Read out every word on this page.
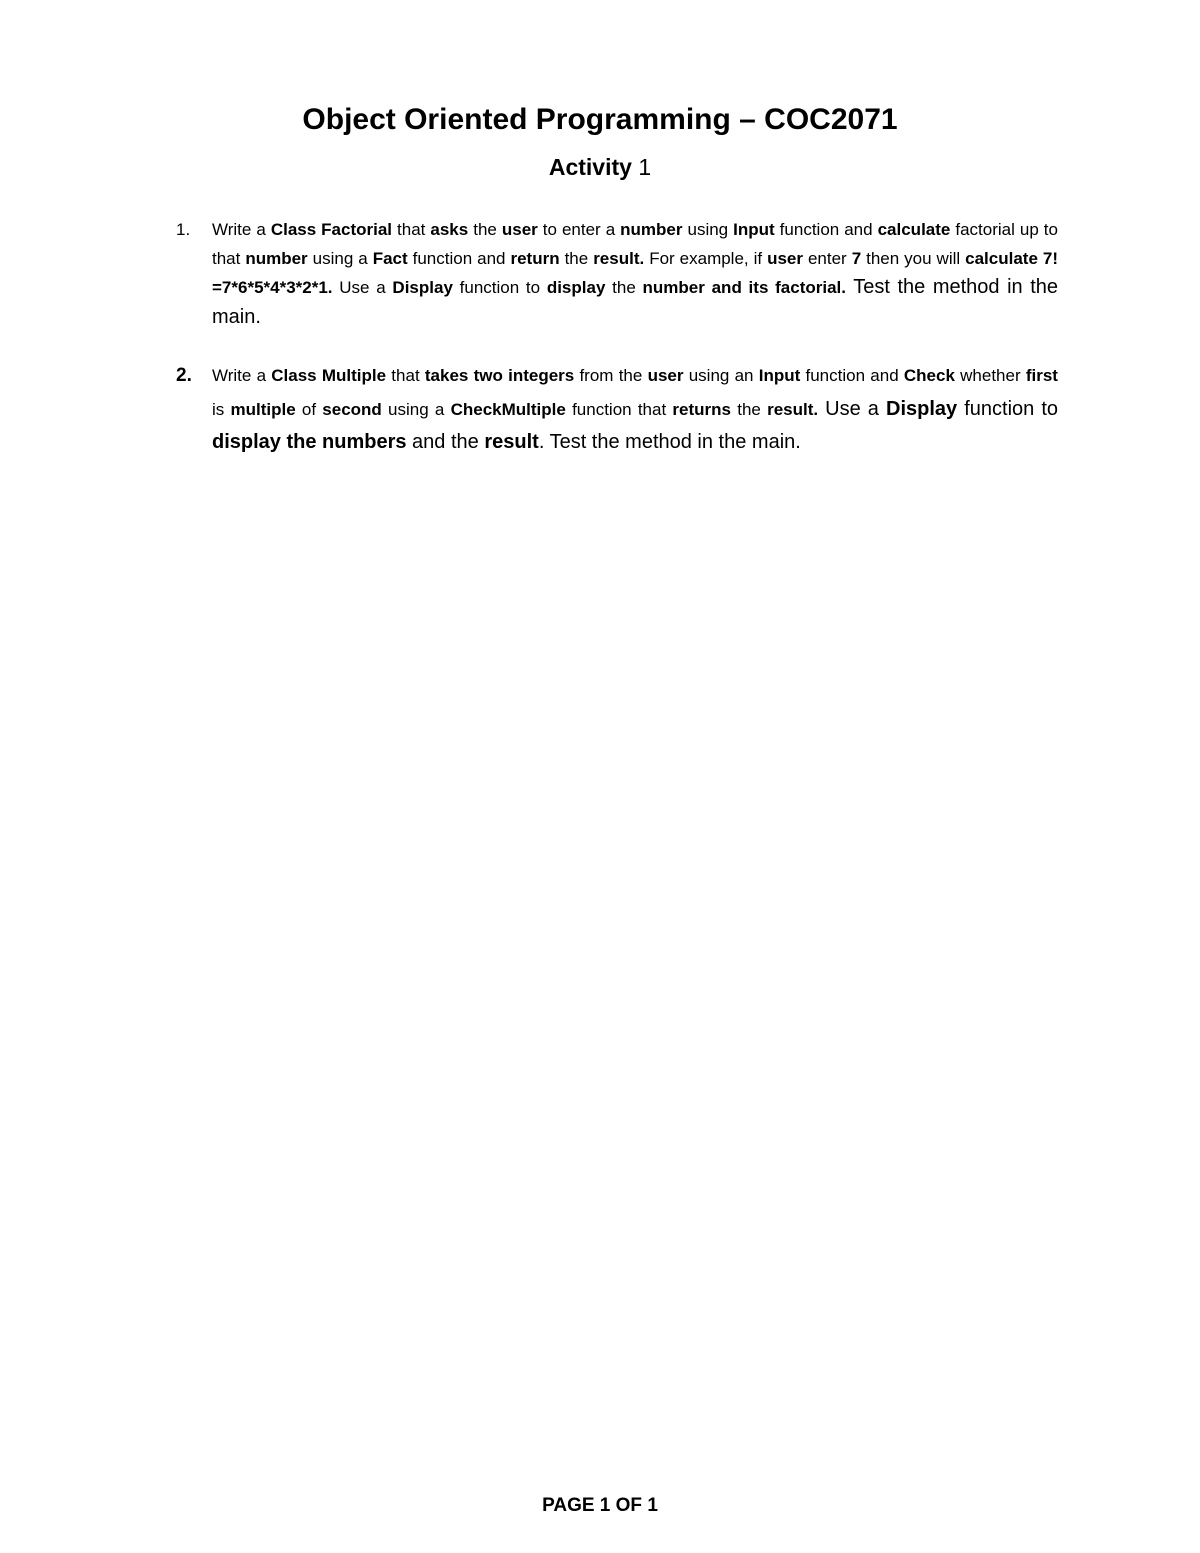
Object Oriented Programming – COC2071
Activity 1
1. Write a Class Factorial that asks the user to enter a number using Input function and calculate factorial up to that number using a Fact function and return the result. For example, if user enter 7 then you will calculate 7! =7*6*5*4*3*2*1. Use a Display function to display the number and its factorial. Test the method in the main.
2. Write a Class Multiple that takes two integers from the user using an Input function and Check whether first is multiple of second using a CheckMultiple function that returns the result. Use a Display function to display the numbers and the result. Test the method in the main.
PAGE 1 OF 1
